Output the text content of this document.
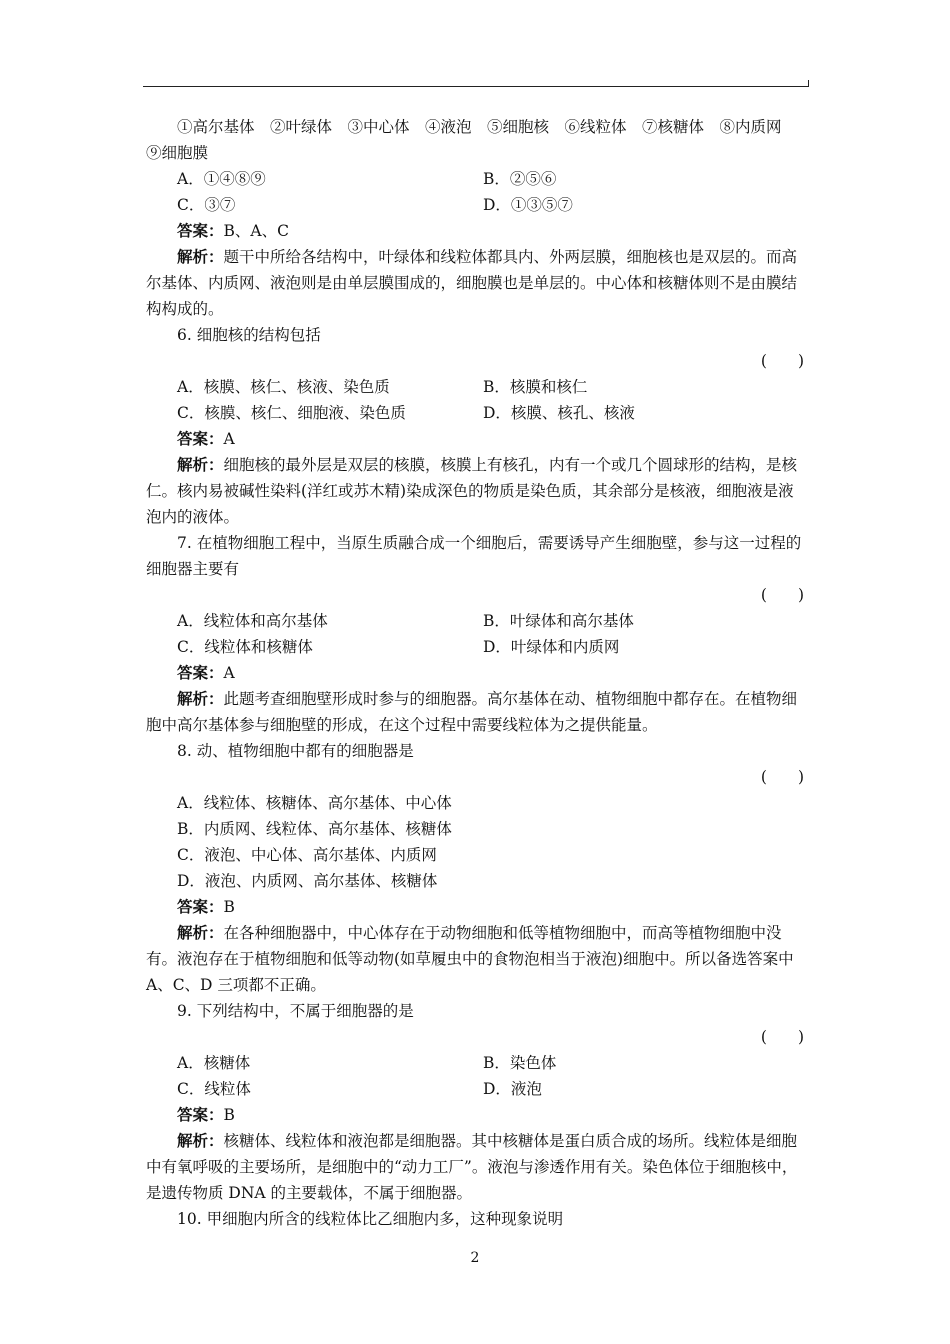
①高尔基体　②叶绿体　③中心体　④液泡　⑤细胞核　⑥线粒体　⑦核糖体　⑧内质网　⑨细胞膜

A．①④⑧⑨	B．②⑤⑥
C．③⑦	D．①③⑤⑦

答案：B、A、C

解析：题干中所给各结构中，叶绿体和线粒体都具内、外两层膜，细胞核也是双层的。而高尔基体、内质网、液泡则是由单层膜围成的，细胞膜也是单层的。中心体和核糖体则不是由膜结构构成的。

6. 细胞核的结构包括

(　　)

A．核膜、核仁、核液、染色质	B．核膜和核仁
C．核膜、核仁、细胞液、染色质	D．核膜、核孔、核液

答案：A

解析：细胞核的最外层是双层的核膜，核膜上有核孔，内有一个或几个圆球形的结构，是核仁。核内易被碱性染料(洋红或苏木精)染成深色的物质是染色质，其余部分是核液，细胞液是液泡内的液体。

7. 在植物细胞工程中，当原生质融合成一个细胞后，需要诱导产生细胞壁，参与这一过程的细胞器主要有

(　　)

A．线粒体和高尔基体	B．叶绿体和高尔基体
C．线粒体和核糖体	D．叶绿体和内质网

答案：A

解析：此题考查细胞壁形成时参与的细胞器。高尔基体在动、植物细胞中都存在。在植物细胞中高尔基体参与细胞壁的形成，在这个过程中需要线粒体为之提供能量。

8. 动、植物细胞中都有的细胞器是

(　　)

A．线粒体、核糖体、高尔基体、中心体

B．内质网、线粒体、高尔基体、核糖体

C．液泡、中心体、高尔基体、内质网

D．液泡、内质网、高尔基体、核糖体

答案：B

解析：在各种细胞器中，中心体存在于动物细胞和低等植物细胞中，而高等植物细胞中没有。液泡存在于植物细胞和低等动物(如草履虫中的食物泡相当于液泡)细胞中。所以备选答案中 A、C、D 三项都不正确。

9. 下列结构中，不属于细胞器的是

(　　)

A．核糖体	B．染色体
C．线粒体	D．液泡

答案：B

解析：核糖体、线粒体和液泡都是细胞器。其中核糖体是蛋白质合成的场所。线粒体是细胞中有氧呼吸的主要场所，是细胞中的“动力工厂”。液泡与渗透作用有关。染色体位于细胞核中，是遗传物质 DNA 的主要载体，不属于细胞器。

10. 甲细胞内所含的线粒体比乙细胞内多，这种现象说明

2
